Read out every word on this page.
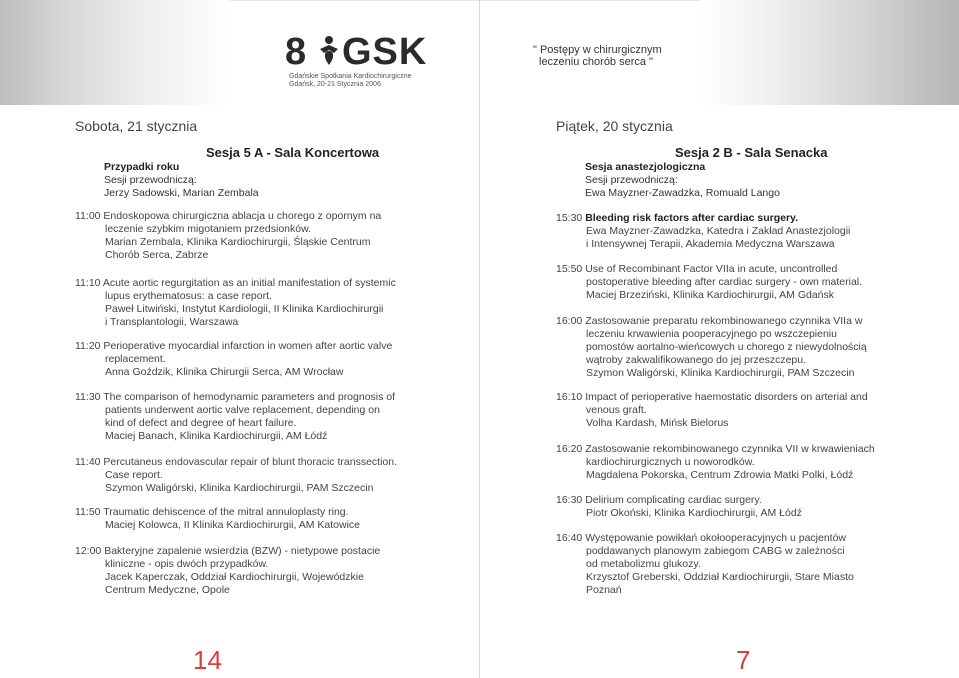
8 GSK
Gdańskie Spotkania Kardiochirurgiczne
Gdańsk, 20-21 Stycznia 2006
" Postępy w chirurgicznym
leczeniu chorób serca "
Sobota, 21 stycznia
Sesja 5 A - Sala Koncertowa
Przypadki roku
Sesji przewodniczą:
Jerzy Sadowski, Marian Zembala
11:00 Endoskopowa chirurgiczna ablacja u chorego z opornym na
leczenie szybkim migotaniem przedsionków.
Marian Zembala, Klinika Kardiochirurgii, Śląskie Centrum
Chorób Serca, Zabrze
11:10 Acute aortic regurgitation as an initial manifestation of systemic
lupus erythematosus: a case report.
Paweł Litwiński, Instytut Kardiologii, II Klinika Kardiochirurgii
i Transplantologii, Warszawa
11:20 Perioperative myocardial infarction in women after aortic valve
replacement.
Anna Goździk, Klinika Chirurgii Serca, AM Wrocław
11:30 The comparison of hemodynamic parameters and prognosis of
patients underwent aortic valve replacement, depending on
kind of defect and degree of heart failure.
Maciej Banach, Klinika Kardiochirurgii, AM Łódź
11:40 Percutaneus endovascular repair of blunt thoracic transsection.
Case report.
Szymon Waligórski, Klinika Kardiochirurgii, PAM Szczecin
11:50 Traumatic dehiscence of the mitral annuloplasty ring.
Maciej Kolowca, II Klinika Kardiochirurgii, AM Katowice
12:00 Bakteryjne zapalenie wsierdzia (BZW) - nietypowe postacie
kliniczne - opis dwóch przypadków.
Jacek Kaperczak, Oddział Kardiochirurgii, Wojewódzkie
Centrum Medyczne, Opole
14
Piątek, 20 stycznia
Sesja 2 B - Sala Senacka
Sesja anastezjologiczna
Sesji przewodniczą:
Ewa Mayzner-Zawadzka, Romuald Lango
15:30 Bleeding risk factors after cardiac surgery.
Ewa Mayzner-Zawadzka, Katedra i Zakład Anastezjologii
i Intensywnej Terapii, Akademia Medyczna Warszawa
15:50 Use of Recombinant Factor VIIa in acute, uncontrolled
postoperative bleeding after cardiac surgery - own material.
Maciej Brzeziński, Klinika Kardiochirurgii, AM Gdańsk
16:00 Zastosowanie preparatu rekombinowanego czynnika VIIa w
leczeniu krwawienia pooperacyjnego po wszczepieniu
pomostów aortalno-wieńcowych u chorego z niewydolnością
wątroby zakwalifikowanego do jej przeszczepu.
Szymon Waligórski, Klinika Kardiochirurgii, PAM Szczecin
16:10 Impact of perioperative haemostatic disorders on arterial and
venous graft.
Volha Kardash, Mińsk Bielorus
16:20 Zastosowanie rekombinowanego czynnika VII w krwawieniach
kardiochirurgicznych u noworodków.
Magdalena Pokorska, Centrum Zdrowia Matki Polki, Łódź
16:30 Delirium complicating cardiac surgery.
Piotr Okoński, Klinika Kardiochirurgii, AM Łódź
16:40 Występowanie powikłań okołooperacyjnych u pacjentów
poddawanych planowym zabiegom CABG w zależności
od metabolizmu glukozy.
Krzysztof Greberski, Oddział Kardiochirurgii, Stare Miasto
Poznań
7
